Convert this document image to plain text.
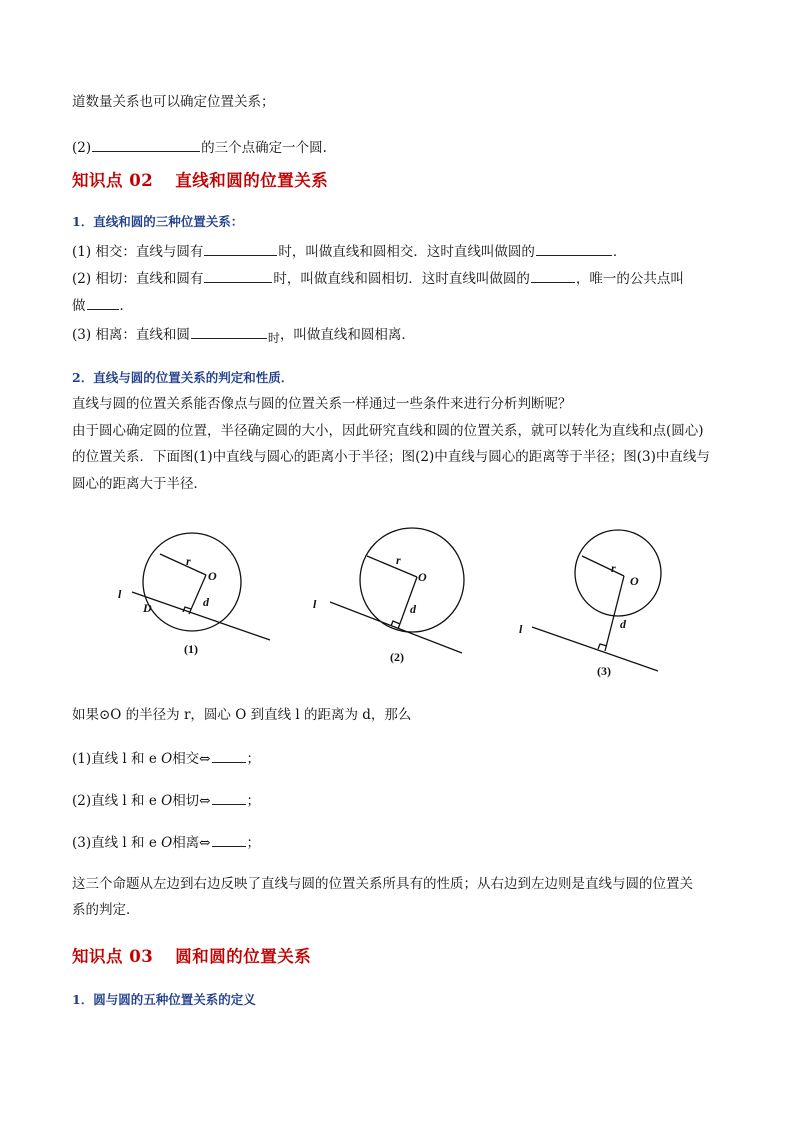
道数量关系也可以确定位置关系；
(2)	的三个点确定一个圆.
知识点 02 直线和圆的位置关系
1．直线和圆的三种位置关系：
(1) 相交：直线与圆有	时，叫做直线和圆相交．这时直线叫做圆的	．
(2) 相切：直线和圆有	时，叫做直线和圆相切．这时直线叫做圆的	，唯一的公共点叫
做	．
(3) 相离：直线和圆	时，叫做直线和圆相离．
2．直线与圆的位置关系的判定和性质．
直线与圆的位置关系能否像点与圆的位置关系一样通过一些条件来进行分析判断呢？
由于圆心确定圆的位置，半径确定圆的大小，因此研究直线和圆的位置关系，就可以转化为直线和点(圆心)
的位置关系．下面图(1)中直线与圆心的距离小于半径；图(2)中直线与圆心的距离等于半径；图(3)中直线与
圆心的距离大于半径．
r
O
d
l
D
r
O
d
l
r
O
d
l
(1)
(2)
(3)
如果⊙O 的半径为 r，圆心 O 到直线 l 的距离为 d，那么
(1)直线 l 和 e O相交⇔	；
(2)直线 l 和 e O相切⇔	；
(3)直线 l 和 e O相离⇔	；
这三个命题从左边到右边反映了直线与圆的位置关系所具有的性质；从右边到左边则是直线与圆的位置关
系的判定．
知识点 03 圆和圆的位置关系
1．圆与圆的五种位置关系的定义
